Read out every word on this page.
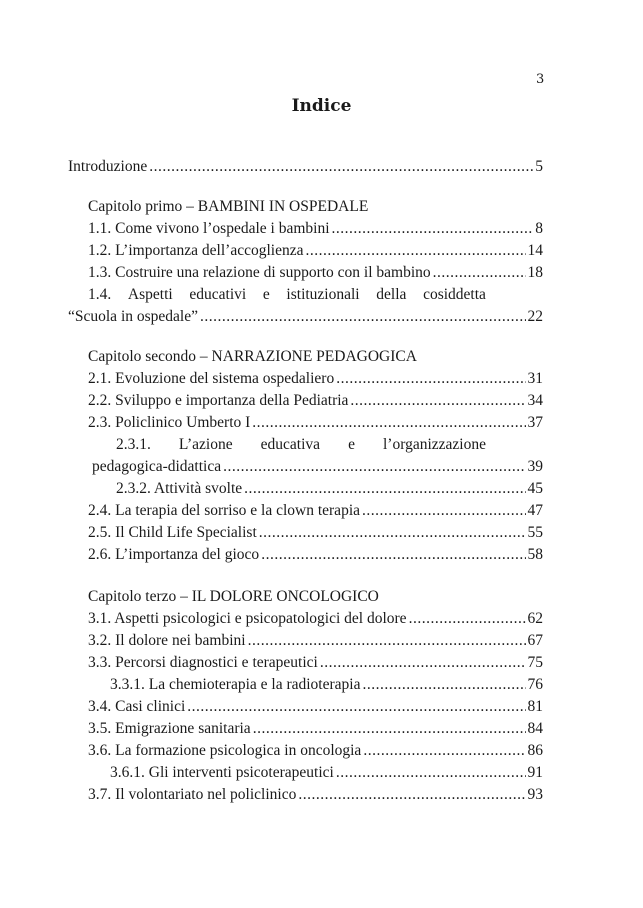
3
Indice
Introduzione .....	5
Capitolo primo – BAMBINI IN OSPEDALE
1.1. Come vivono l’ospedale i bambini .....	8
1.2. L’importanza dell’accoglienza .....	14
1.3. Costruire una relazione di supporto con il bambino .....	18
1.4. Aspetti educativi e istituzionali della cosiddetta
“Scuola in ospedale” .....	22
Capitolo secondo – NARRAZIONE PEDAGOGICA
2.1. Evoluzione del sistema ospedaliero .....	31
2.2. Sviluppo e importanza della Pediatria .....	34
2.3. Policlinico Umberto I .....	37
2.3.1. L’azione educativa e l’organizzazione
pedagogica-didattica .....	39
2.3.2. Attività svolte .....	45
2.4. La terapia del sorriso e la clown terapia .....	47
2.5. Il Child Life Specialist .....	55
2.6. L’importanza del gioco .....	58
Capitolo terzo – IL DOLORE ONCOLOGICO
3.1. Aspetti psicologici e psicopatologici del dolore .....	62
3.2. Il dolore nei bambini .....	67
3.3. Percorsi diagnostici e terapeutici .....	75
3.3.1. La chemioterapia e la radioterapia .....	76
3.4. Casi clinici .....	81
3.5. Emigrazione sanitaria .....	84
3.6. La formazione psicologica in oncologia .....	86
3.6.1. Gli interventi psicoterapeutici .....	91
3.7. Il volontariato nel policlinico .....	93
